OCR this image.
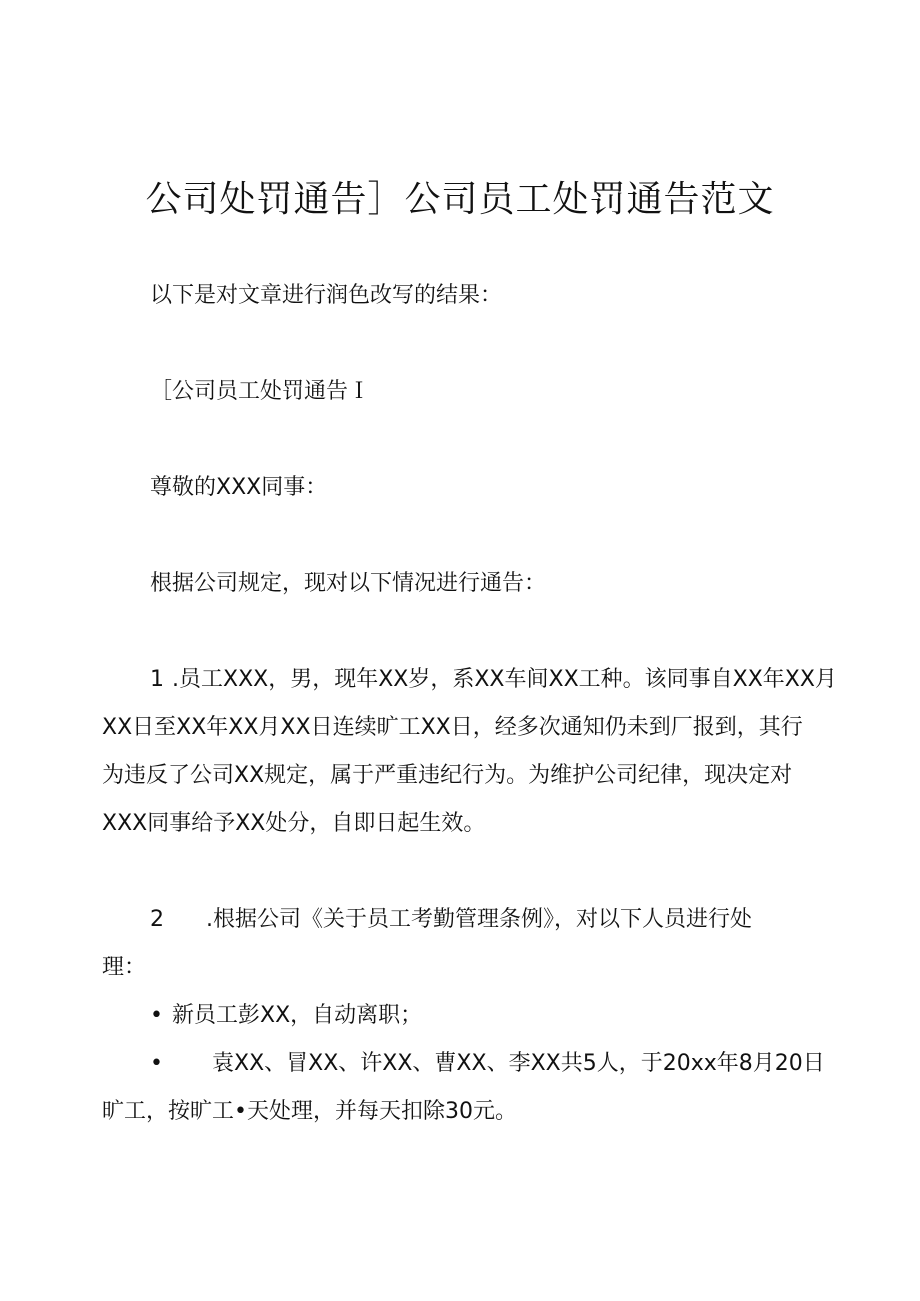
公司处罚通告］公司员工处罚通告范文

以下是对文章进行润色改写的结果：

［公司员工处罚通告Ｉ

尊敬的XXX同事：

根据公司规定，现对以下情况进行通告：

1 .员工XXX，男，现年XX岁，系XX车间XX工种。该同事自XX年XX月

XX日至XX年XX月XX日连续旷工XX日，经多次通知仍未到厂报到，其行

为违反了公司XX规定，属于严重违纪行为。为维护公司纪律，现决定对

XXX同事给予XX处分，自即日起生效。

2 .根据公司《关于员工考勤管理条例》，对以下人员进行处

理：

• 新员工彭XX，自动离职；

• 袁XX、冒XX、许XX、曹XX、李XX共5人，于20xx年8月20日

旷工，按旷工•天处理，并每天扣除30元。
